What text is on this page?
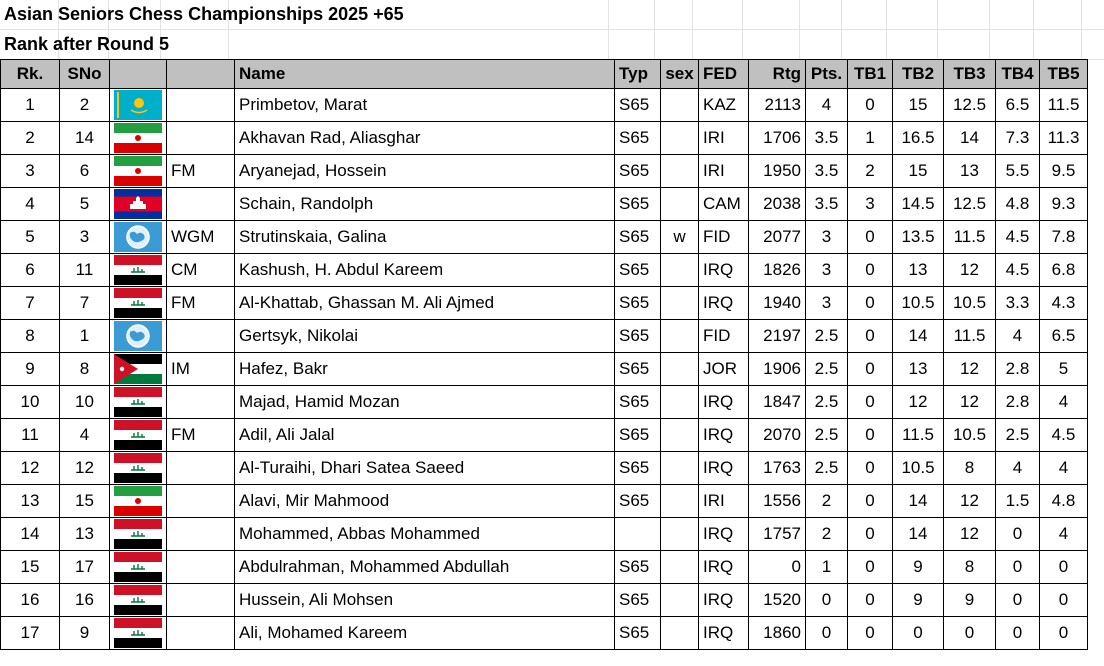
Asian Seniors Chess Championships 2025 +65
Rank after Round 5
Rk.	SNo			Name	Typ	sex	FED	Rtg	Pts.	TB1	TB2	TB3	TB4	TB5
1	2			Primbetov, Marat	S65		KAZ	2113	4	0	15	12.5	6.5	11.5
2	14			Akhavan Rad, Aliasghar	S65		IRI	1706	3.5	1	16.5	14	7.3	11.3
3	6		FM	Aryanejad, Hossein	S65		IRI	1950	3.5	2	15	13	5.5	9.5
4	5			Schain, Randolph	S65		CAM	2038	3.5	3	14.5	12.5	4.8	9.3
5	3		WGM	Strutinskaia, Galina	S65	w	FID	2077	3	0	13.5	11.5	4.5	7.8
6	11		CM	Kashush, H. Abdul Kareem	S65		IRQ	1826	3	0	13	12	4.5	6.8
7	7		FM	Al-Khattab, Ghassan M. Ali Ajmed	S65		IRQ	1940	3	0	10.5	10.5	3.3	4.3
8	1			Gertsyk, Nikolai	S65		FID	2197	2.5	0	14	11.5	4	6.5
9	8		IM	Hafez, Bakr	S65		JOR	1906	2.5	0	13	12	2.8	5
10	10			Majad, Hamid Mozan	S65		IRQ	1847	2.5	0	12	12	2.8	4
11	4		FM	Adil, Ali Jalal	S65		IRQ	2070	2.5	0	11.5	10.5	2.5	4.5
12	12			Al-Turaihi, Dhari Satea Saeed	S65		IRQ	1763	2.5	0	10.5	8	4	4
13	15			Alavi, Mir Mahmood	S65		IRI	1556	2	0	14	12	1.5	4.8
14	13			Mohammed, Abbas Mohammed			IRQ	1757	2	0	14	12	0	4
15	17			Abdulrahman, Mohammed Abdullah	S65		IRQ	0	1	0	9	8	0	0
16	16			Hussein, Ali Mohsen	S65		IRQ	1520	0	0	9	9	0	0
17	9			Ali, Mohamed Kareem	S65		IRQ	1860	0	0	0	0	0	0
